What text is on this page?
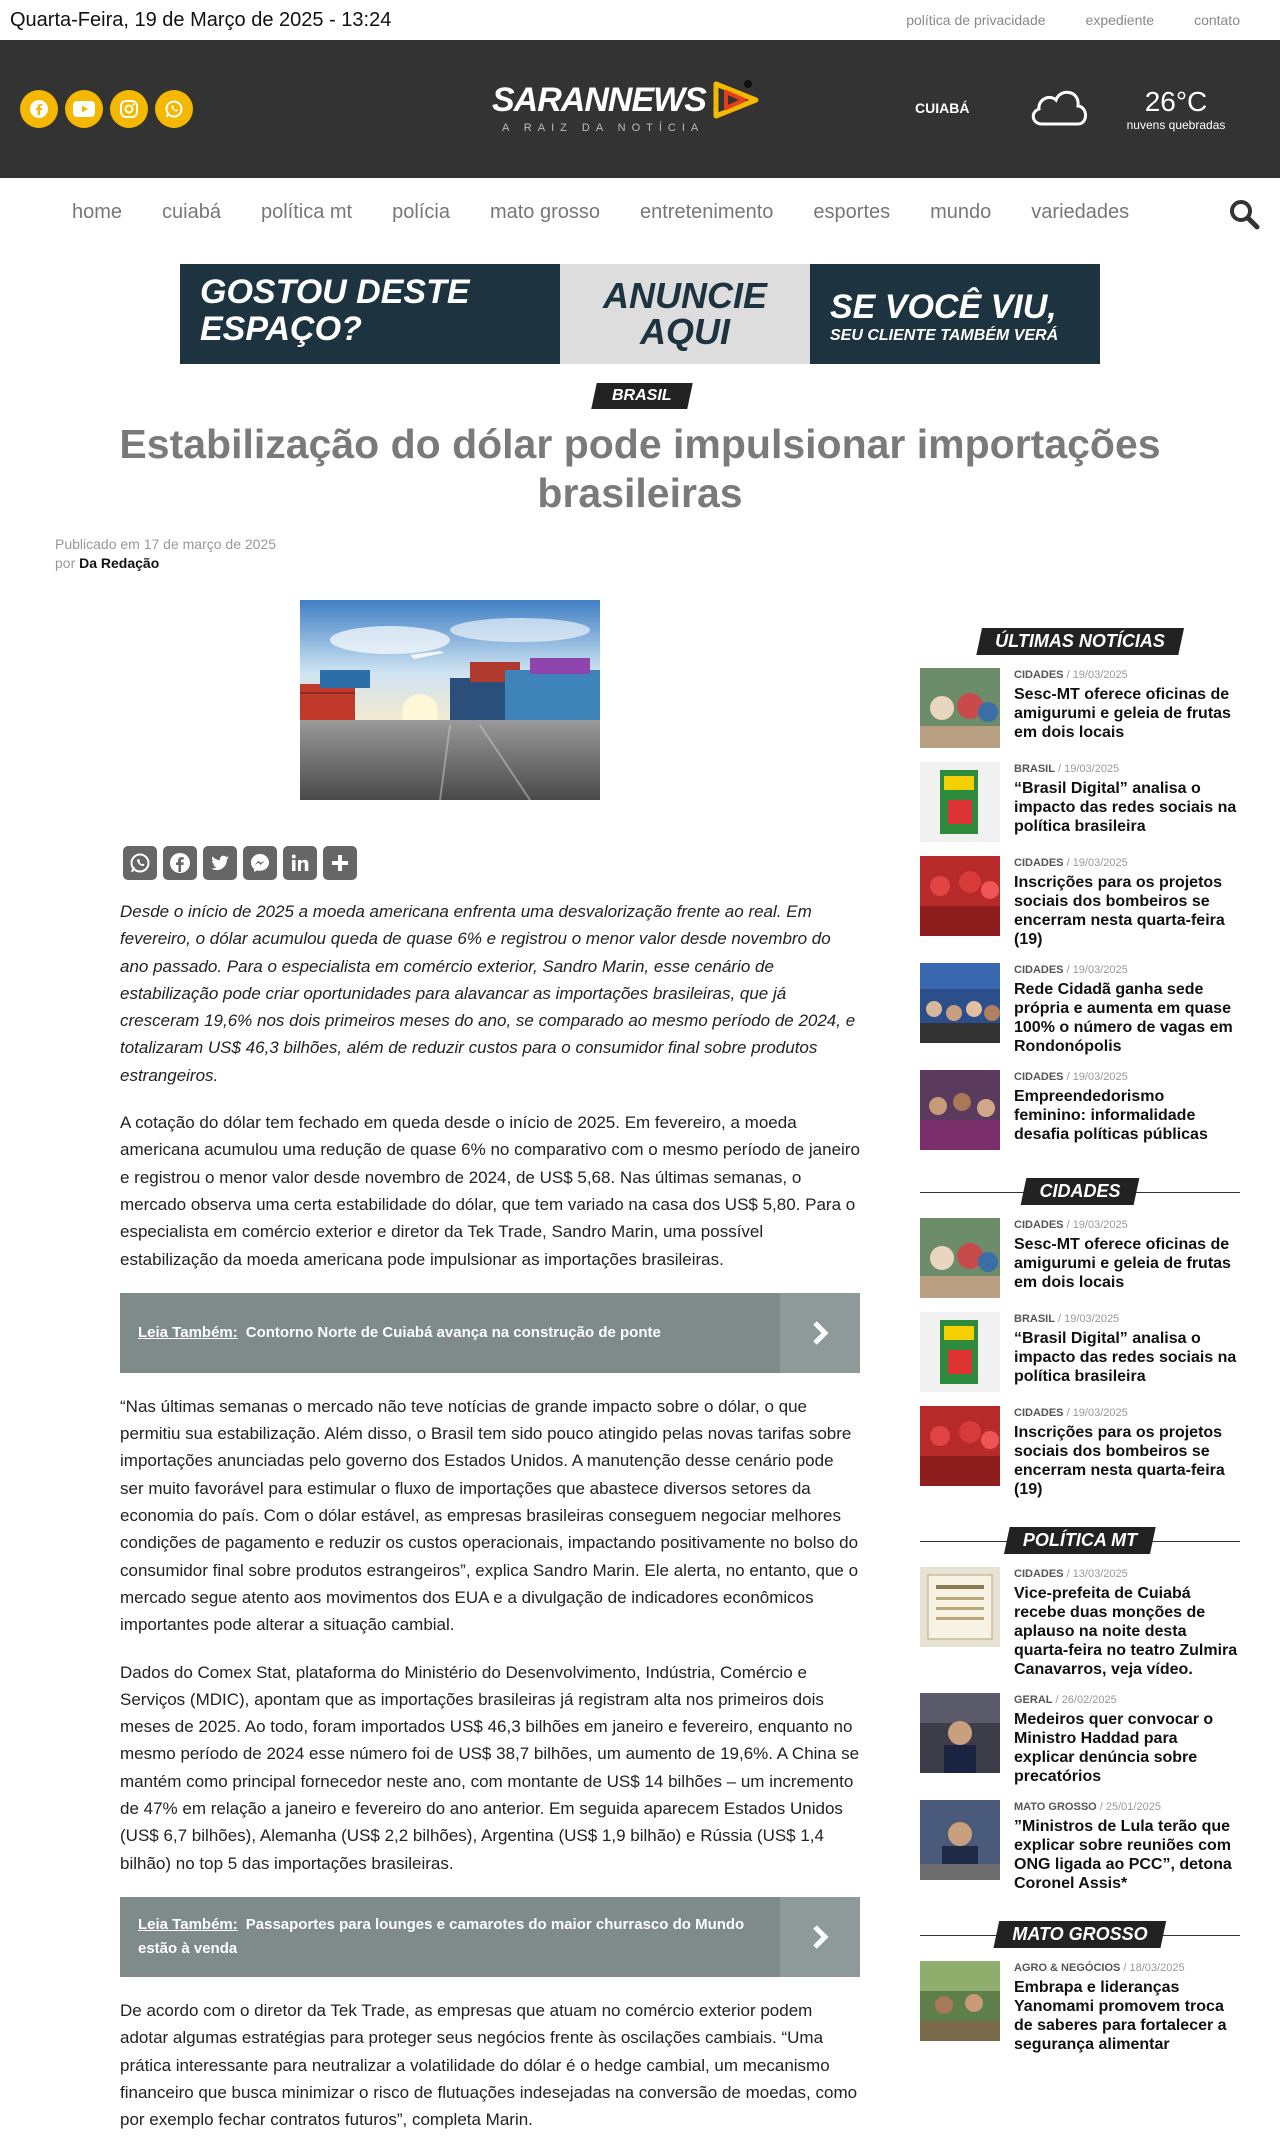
Quarta-Feira, 19 de Março de 2025 - 13:24	política de privacidade	expediente	contato
SARANNEWS
A RAIZ DA NOTÍCIA
CUIABÁ	26°C
nuvens quebradas
home cuiabá política mt polícia mato grosso entretenimento esportes mundo variedades
GOSTOU DESTE ESPAÇO?
ANUNCIE AQUI
SE VOCÊ VIU,
SEU CLIENTE TAMBÉM VERÁ
BRASIL
Estabilização do dólar pode impulsionar importações brasileiras
Publicado em 17 de março de 2025
por Da Redação

Desde o início de 2025 a moeda americana enfrenta uma desvalorização frente ao real. Em fevereiro, o dólar acumulou queda de quase 6% e registrou o menor valor desde novembro do ano passado. Para o especialista em comércio exterior, Sandro Marin, esse cenário de estabilização pode criar oportunidades para alavancar as importações brasileiras, que já cresceram 19,6% nos dois primeiros meses do ano, se comparado ao mesmo período de 2024, e totalizaram US$ 46,3 bilhões, além de reduzir custos para o consumidor final sobre produtos estrangeiros.

A cotação do dólar tem fechado em queda desde o início de 2025. Em fevereiro, a moeda americana acumulou uma redução de quase 6% no comparativo com o mesmo período de janeiro e registrou o menor valor desde novembro de 2024, de US$ 5,68. Nas últimas semanas, o mercado observa uma certa estabilidade do dólar, que tem variado na casa dos US$ 5,80. Para o especialista em comércio exterior e diretor da Tek Trade, Sandro Marin, uma possível estabilização da moeda americana pode impulsionar as importações brasileiras.

Leia Também: Contorno Norte de Cuiabá avança na construção de ponte

“Nas últimas semanas o mercado não teve notícias de grande impacto sobre o dólar, o que permitiu sua estabilização. Além disso, o Brasil tem sido pouco atingido pelas novas tarifas sobre importações anunciadas pelo governo dos Estados Unidos. A manutenção desse cenário pode ser muito favorável para estimular o fluxo de importações que abastece diversos setores da economia do país. Com o dólar estável, as empresas brasileiras conseguem negociar melhores condições de pagamento e reduzir os custos operacionais, impactando positivamente no bolso do consumidor final sobre produtos estrangeiros”, explica Sandro Marin. Ele alerta, no entanto, que o mercado segue atento aos movimentos dos EUA e a divulgação de indicadores econômicos importantes pode alterar a situação cambial.

Dados do Comex Stat, plataforma do Ministério do Desenvolvimento, Indústria, Comércio e Serviços (MDIC), apontam que as importações brasileiras já registram alta nos primeiros dois meses de 2025. Ao todo, foram importados US$ 46,3 bilhões em janeiro e fevereiro, enquanto no mesmo período de 2024 esse número foi de US$ 38,7 bilhões, um aumento de 19,6%. A China se mantém como principal fornecedor neste ano, com montante de US$ 14 bilhões – um incremento de 47% em relação a janeiro e fevereiro do ano anterior. Em seguida aparecem Estados Unidos (US$ 6,7 bilhões), Alemanha (US$ 2,2 bilhões), Argentina (US$ 1,9 bilhão) e Rússia (US$ 1,4 bilhão) no top 5 das importações brasileiras.

Leia Também: Passaportes para lounges e camarotes do maior churrasco do Mundo estão à venda

De acordo com o diretor da Tek Trade, as empresas que atuam no comércio exterior podem adotar algumas estratégias para proteger seus negócios frente às oscilações cambiais. “Uma prática interessante para neutralizar a volatilidade do dólar é o hedge cambial, um mecanismo financeiro que busca minimizar o risco de flutuações indesejadas na conversão de moedas, como por exemplo fechar contratos futuros”, completa Marin.

ÚLTIMAS NOTÍCIAS
CIDADES / 19/03/2025
Sesc-MT oferece oficinas de amigurumi e geleia de frutas em dois locais
BRASIL / 19/03/2025
“Brasil Digital” analisa o impacto das redes sociais na política brasileira
CIDADES / 19/03/2025
Inscrições para os projetos sociais dos bombeiros se encerram nesta quarta-feira (19)
CIDADES / 19/03/2025
Rede Cidadã ganha sede própria e aumenta em quase 100% o número de vagas em Rondonópolis
CIDADES / 19/03/2025
Empreendedorismo feminino: informalidade desafia políticas públicas
CIDADES
CIDADES / 19/03/2025
Sesc-MT oferece oficinas de amigurumi e geleia de frutas em dois locais
BRASIL / 19/03/2025
“Brasil Digital” analisa o impacto das redes sociais na política brasileira
CIDADES / 19/03/2025
Inscrições para os projetos sociais dos bombeiros se encerram nesta quarta-feira (19)
POLÍTICA MT
CIDADES / 13/03/2025
Vice-prefeita de Cuiabá recebe duas monções de aplauso na noite desta quarta-feira no teatro Zulmira Canavarros, veja vídeo.
GERAL / 26/02/2025
Medeiros quer convocar o Ministro Haddad para explicar denúncia sobre precatórios
MATO GROSSO / 25/01/2025
”Ministros de Lula terão que explicar sobre reuniões com ONG ligada ao PCC”, detona Coronel Assis*
MATO GROSSO
AGRO & NEGÓCIOS / 18/03/2025
Embrapa e lideranças Yanomami promovem troca de saberes para fortalecer a segurança alimentar
